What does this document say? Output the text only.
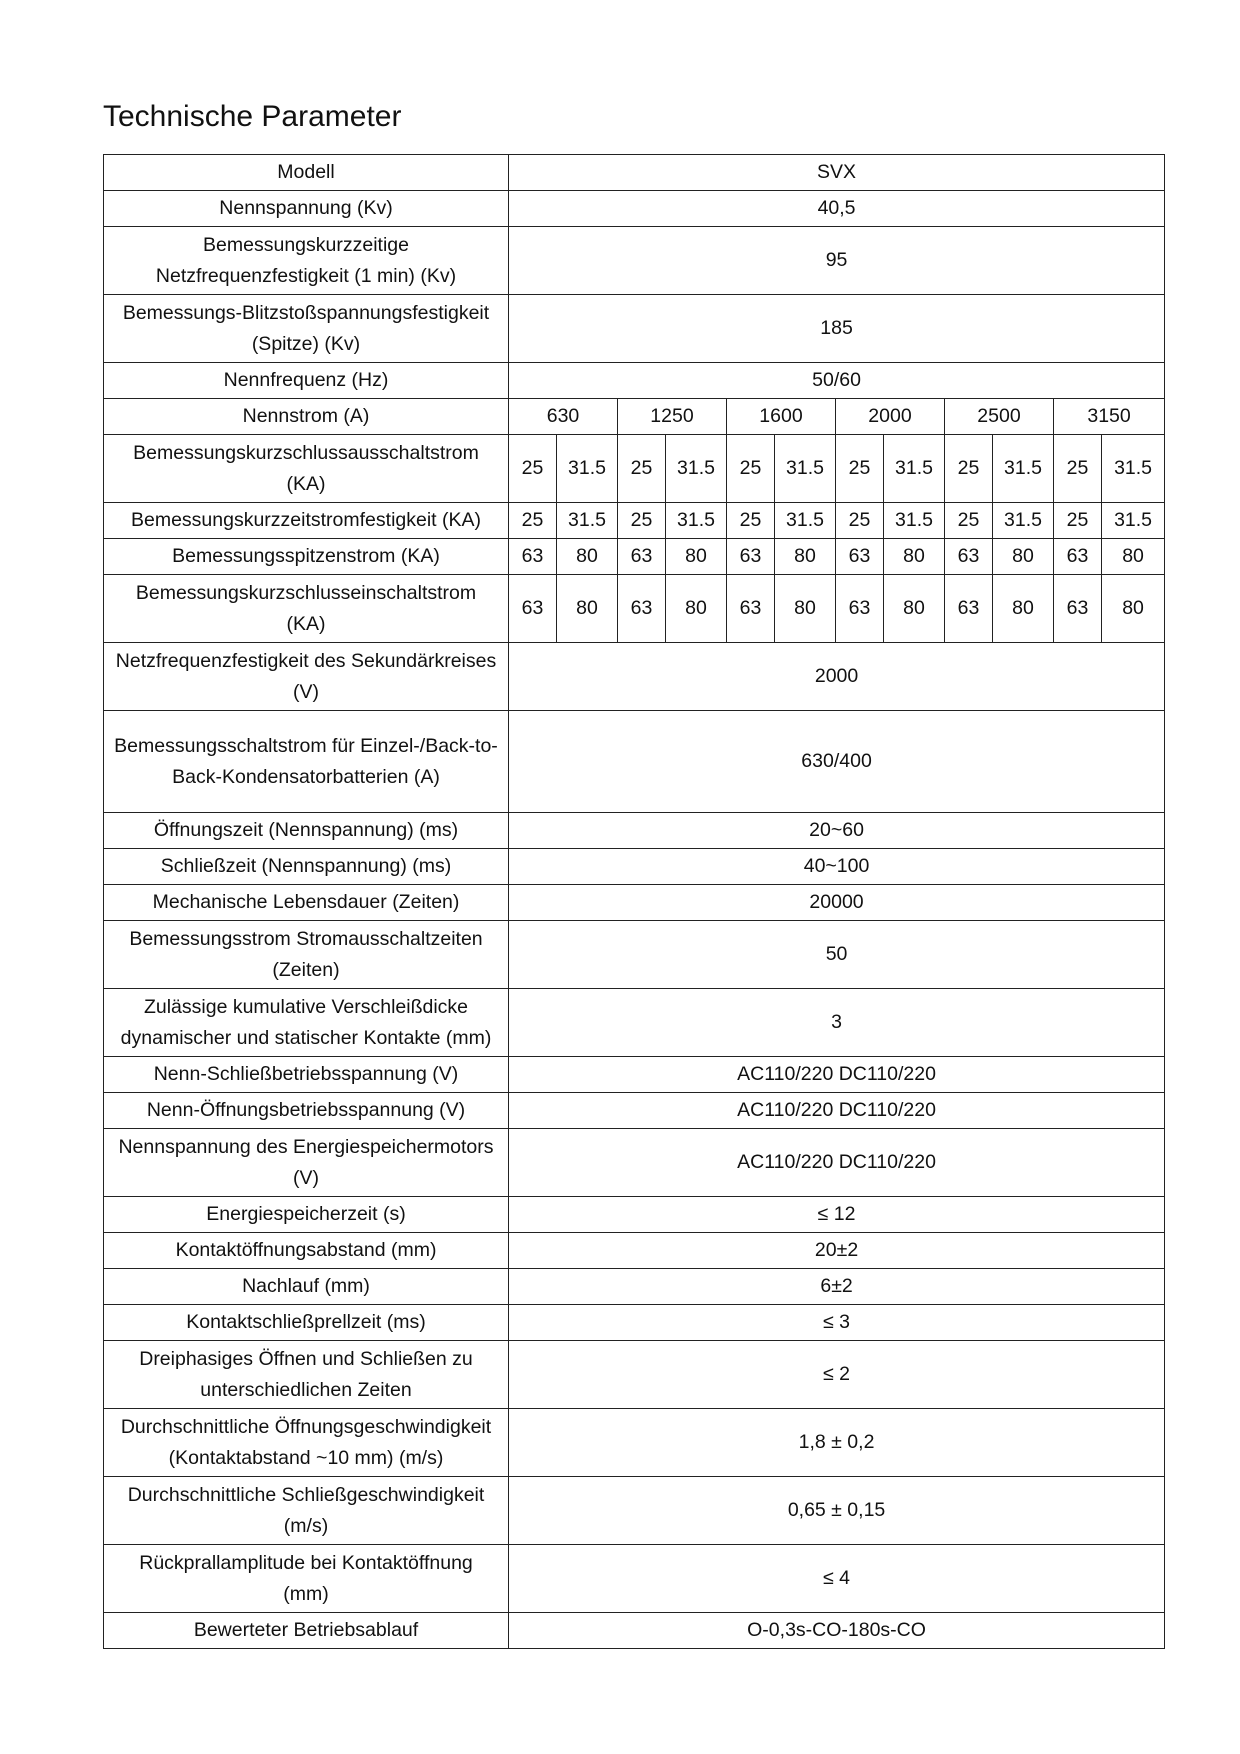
Technische Parameter
Modell	SVX											
Nennspannung (Kv)	40,5											
Bemessungskurzzeitige Netzfrequenzfestigkeit (1 min) (Kv)	95											
Bemessungs-Blitzstoßspannungsfestigkeit (Spitze) (Kv)	185											
Nennfrequenz (Hz)	50/60											
Nennstrom (A)	630		1250		1600		2000		2500		3150	
Bemessungskurzschlussausschaltstrom (KA)	25	31.5	25	31.5	25	31.5	25	31.5	25	31.5	25	31.5
Bemessungskurzzeitstromfestigkeit (KA)	25	31.5	25	31.5	25	31.5	25	31.5	25	31.5	25	31.5
Bemessungsspitzenstrom (KA)	63	80	63	80	63	80	63	80	63	80	63	80
Bemessungskurzschlusseinschaltstrom (KA)	63	80	63	80	63	80	63	80	63	80	63	80
Netzfrequenzfestigkeit des Sekundärkreises (V)	2000											
Bemessungsschaltstrom für Einzel-/Back-to-Back-Kondensatorbatterien (A)	630/400											
Öffnungszeit (Nennspannung) (ms)	20~60											
Schließzeit (Nennspannung) (ms)	40~100											
Mechanische Lebensdauer (Zeiten)	20000											
Bemessungsstrom Stromausschaltzeiten (Zeiten)	50											
Zulässige kumulative Verschleißdicke dynamischer und statischer Kontakte (mm)	3											
Nenn-Schließbetriebsspannung (V)	AC110/220 DC110/220											
Nenn-Öffnungsbetriebsspannung (V)	AC110/220 DC110/220											
Nennspannung des Energiespeichermotors (V)	AC110/220 DC110/220											
Energiespeicherzeit (s)	≤ 12											
Kontaktöffnungsabstand (mm)	20±2											
Nachlauf (mm)	6±2											
Kontaktschließprellzeit (ms)	≤ 3											
Dreiphasiges Öffnen und Schließen zu unterschiedlichen Zeiten	≤ 2											
Durchschnittliche Öffnungsgeschwindigkeit (Kontaktabstand ~10 mm) (m/s)	1,8 ± 0,2											
Durchschnittliche Schließgeschwindigkeit (m/s)	0,65 ± 0,15											
Rückprallamplitude bei Kontaktöffnung (mm)	≤ 4											
Bewerteter Betriebsablauf	O-0,3s-CO-180s-CO											
